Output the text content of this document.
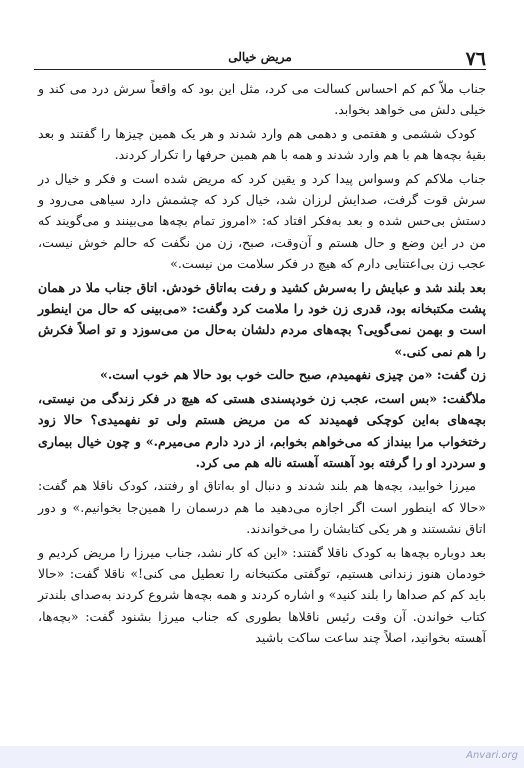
٧٦
مریض خیالی

جناب ملاّ کم کم احساس کسالت می کرد، مثل این بود که واقعاً سرش درد می کند و خیلی دلش می خواهد بخوابد.

کودک ششمی و هفتمی و دهمی هم وارد شدند و هر یک همین چیزها را گفتند و بعد بقیهٔ بچه‌ها هم با هم وارد شدند و همه با هم همین حرفها را تکرار کردند.

جناب ملاکم کم وسواس پیدا کرد و یقین کرد که مریض شده است و فکر و خیال در سرش قوت گرفت، صدایش لرزان شد، خیال کرد که چشمش دارد سیاهی می‌رود و دستش بی‌حس شده و بعد به‌فکر افتاد که: «امروز تمام بچه‌ها می‌بینند و می‌گویند که من در این وضع و حال هستم و آن‌وقت، صبح، زن من نگفت که حالم خوش نیست، عجب زن بی‌اعتنایی دارم که هیچ در فکر سلامت من نیست.»

بعد بلند شد و عبایش را به‌سرش کشید و رفت به‌اتاق خودش. اتاق جناب ملا در همان پشت مکتبخانه بود، قدری زن خود را ملامت کرد وگفت: «می‌بینی که حال من اینطور است و بهمن نمی‌گویی؟ بچه‌های مردم دلشان به‌حال من می‌سوزد و تو اصلاً فکرش را هم نمی کنی.»

زن گفت: «من چیزی نفهمیدم، صبح حالت خوب بود حالا هم خوب است.»

ملاگفت: «بس است، عجب زن خودپسندی هستی که هیچ در فکر زندگی من نیستی، بچه‌های به‌این کوچکی فهمیدند که من مریض هستم ولی تو نفهمیدی؟ حالا زود رختخواب مرا بینداز که می‌خواهم بخوابم، از درد دارم می‌میرم.» و چون خیال بیماری و سردرد او را گرفته بود آهسته آهسته ناله هم می کرد.

میرزا خوابید، بچه‌ها هم بلند شدند و دنبال او به‌اتاق او رفتند، کودک ناقلا هم گفت: «حالا که اینطور است اگر اجازه می‌دهید ما هم درسمان را همین‌جا بخوانیم.» و دور اتاق نشستند و هر یکی کتابشان را می‌خواندند.

بعد دوباره بچه‌ها به کودک ناقلا گفتند: «این که کار نشد، جناب میرزا را مریض کردیم و خودمان هنوز زندانی هستیم، توگفتی مکتبخانه را تعطیل می کنی!» ناقلا گفت: «حالا باید کم کم صداها را بلند کنید» و اشاره کردند و همه بچه‌ها شروع کردند به‌صدای بلندتر کتاب خواندن. آن وقت رئیس ناقلاها بطوری که جناب میرزا بشنود گفت: «بچه‌ها، آهسته بخوانید، اصلاً چند ساعت ساکت باشید

Anvari.org
